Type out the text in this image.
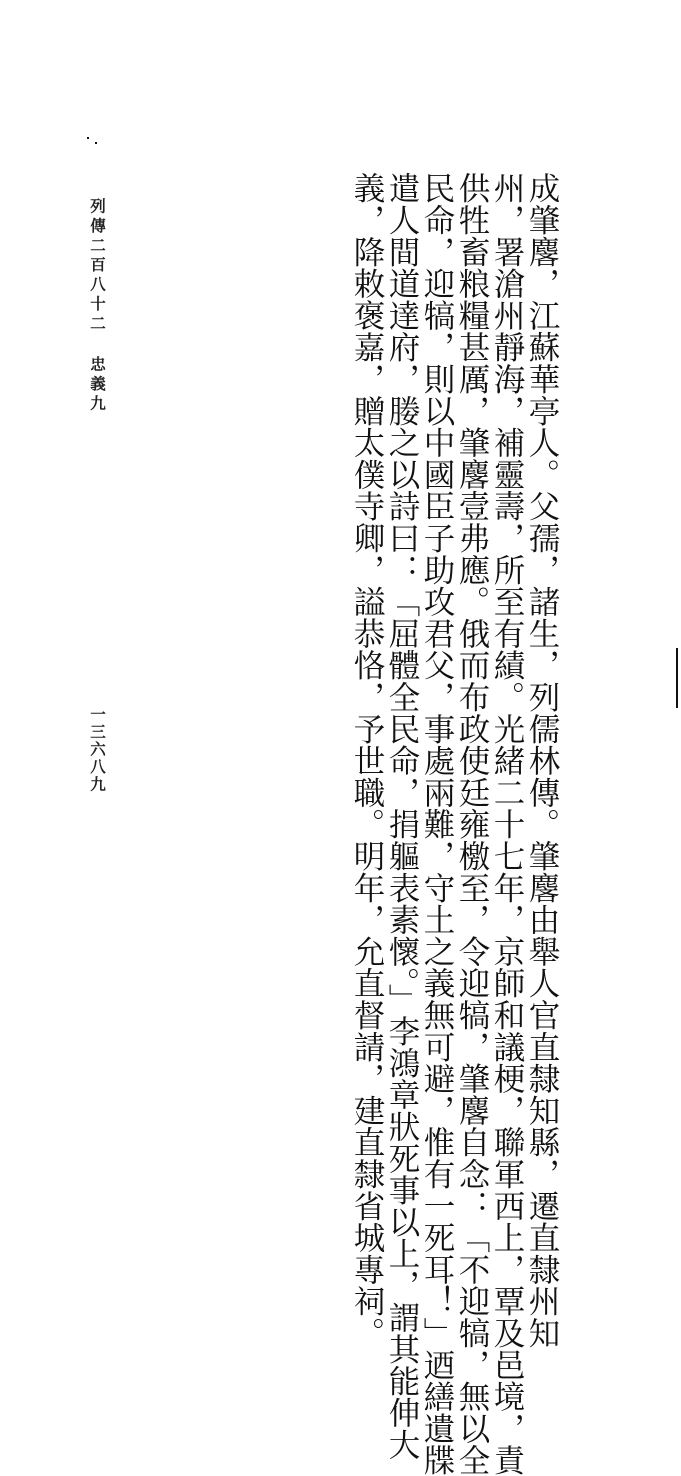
列傳二百八十二
忠義九
一三六八九	成肇麐，江蘇華亭人。父孺，諸生，列儒林傳。肇麐由舉人官直隸知縣，遷直隸州知

州，署滄州靜海，補靈壽，所至有績。光緒二十七年，京師和議梗，聯軍西上，覃及邑境，責

供牲畜粮糧甚厲，肇麐壹弗應。俄而布政使廷雍檄至，令迎犒，肇麐自念：「不迎犒，無以全

民命，迎犒，則以中國臣子助攻君父，事處兩難，守土之義無可避，惟有一死耳！」迺繕遺牒

遣人間道達府，媵之以詩曰：「屈體全民命，捐軀表素懷。」李鴻章狀死事以上，謂其能伸大

義，降敕褒嘉，贈太僕寺卿，謚恭恪，予世職。明年，允直督請，建直隸省城專祠。
